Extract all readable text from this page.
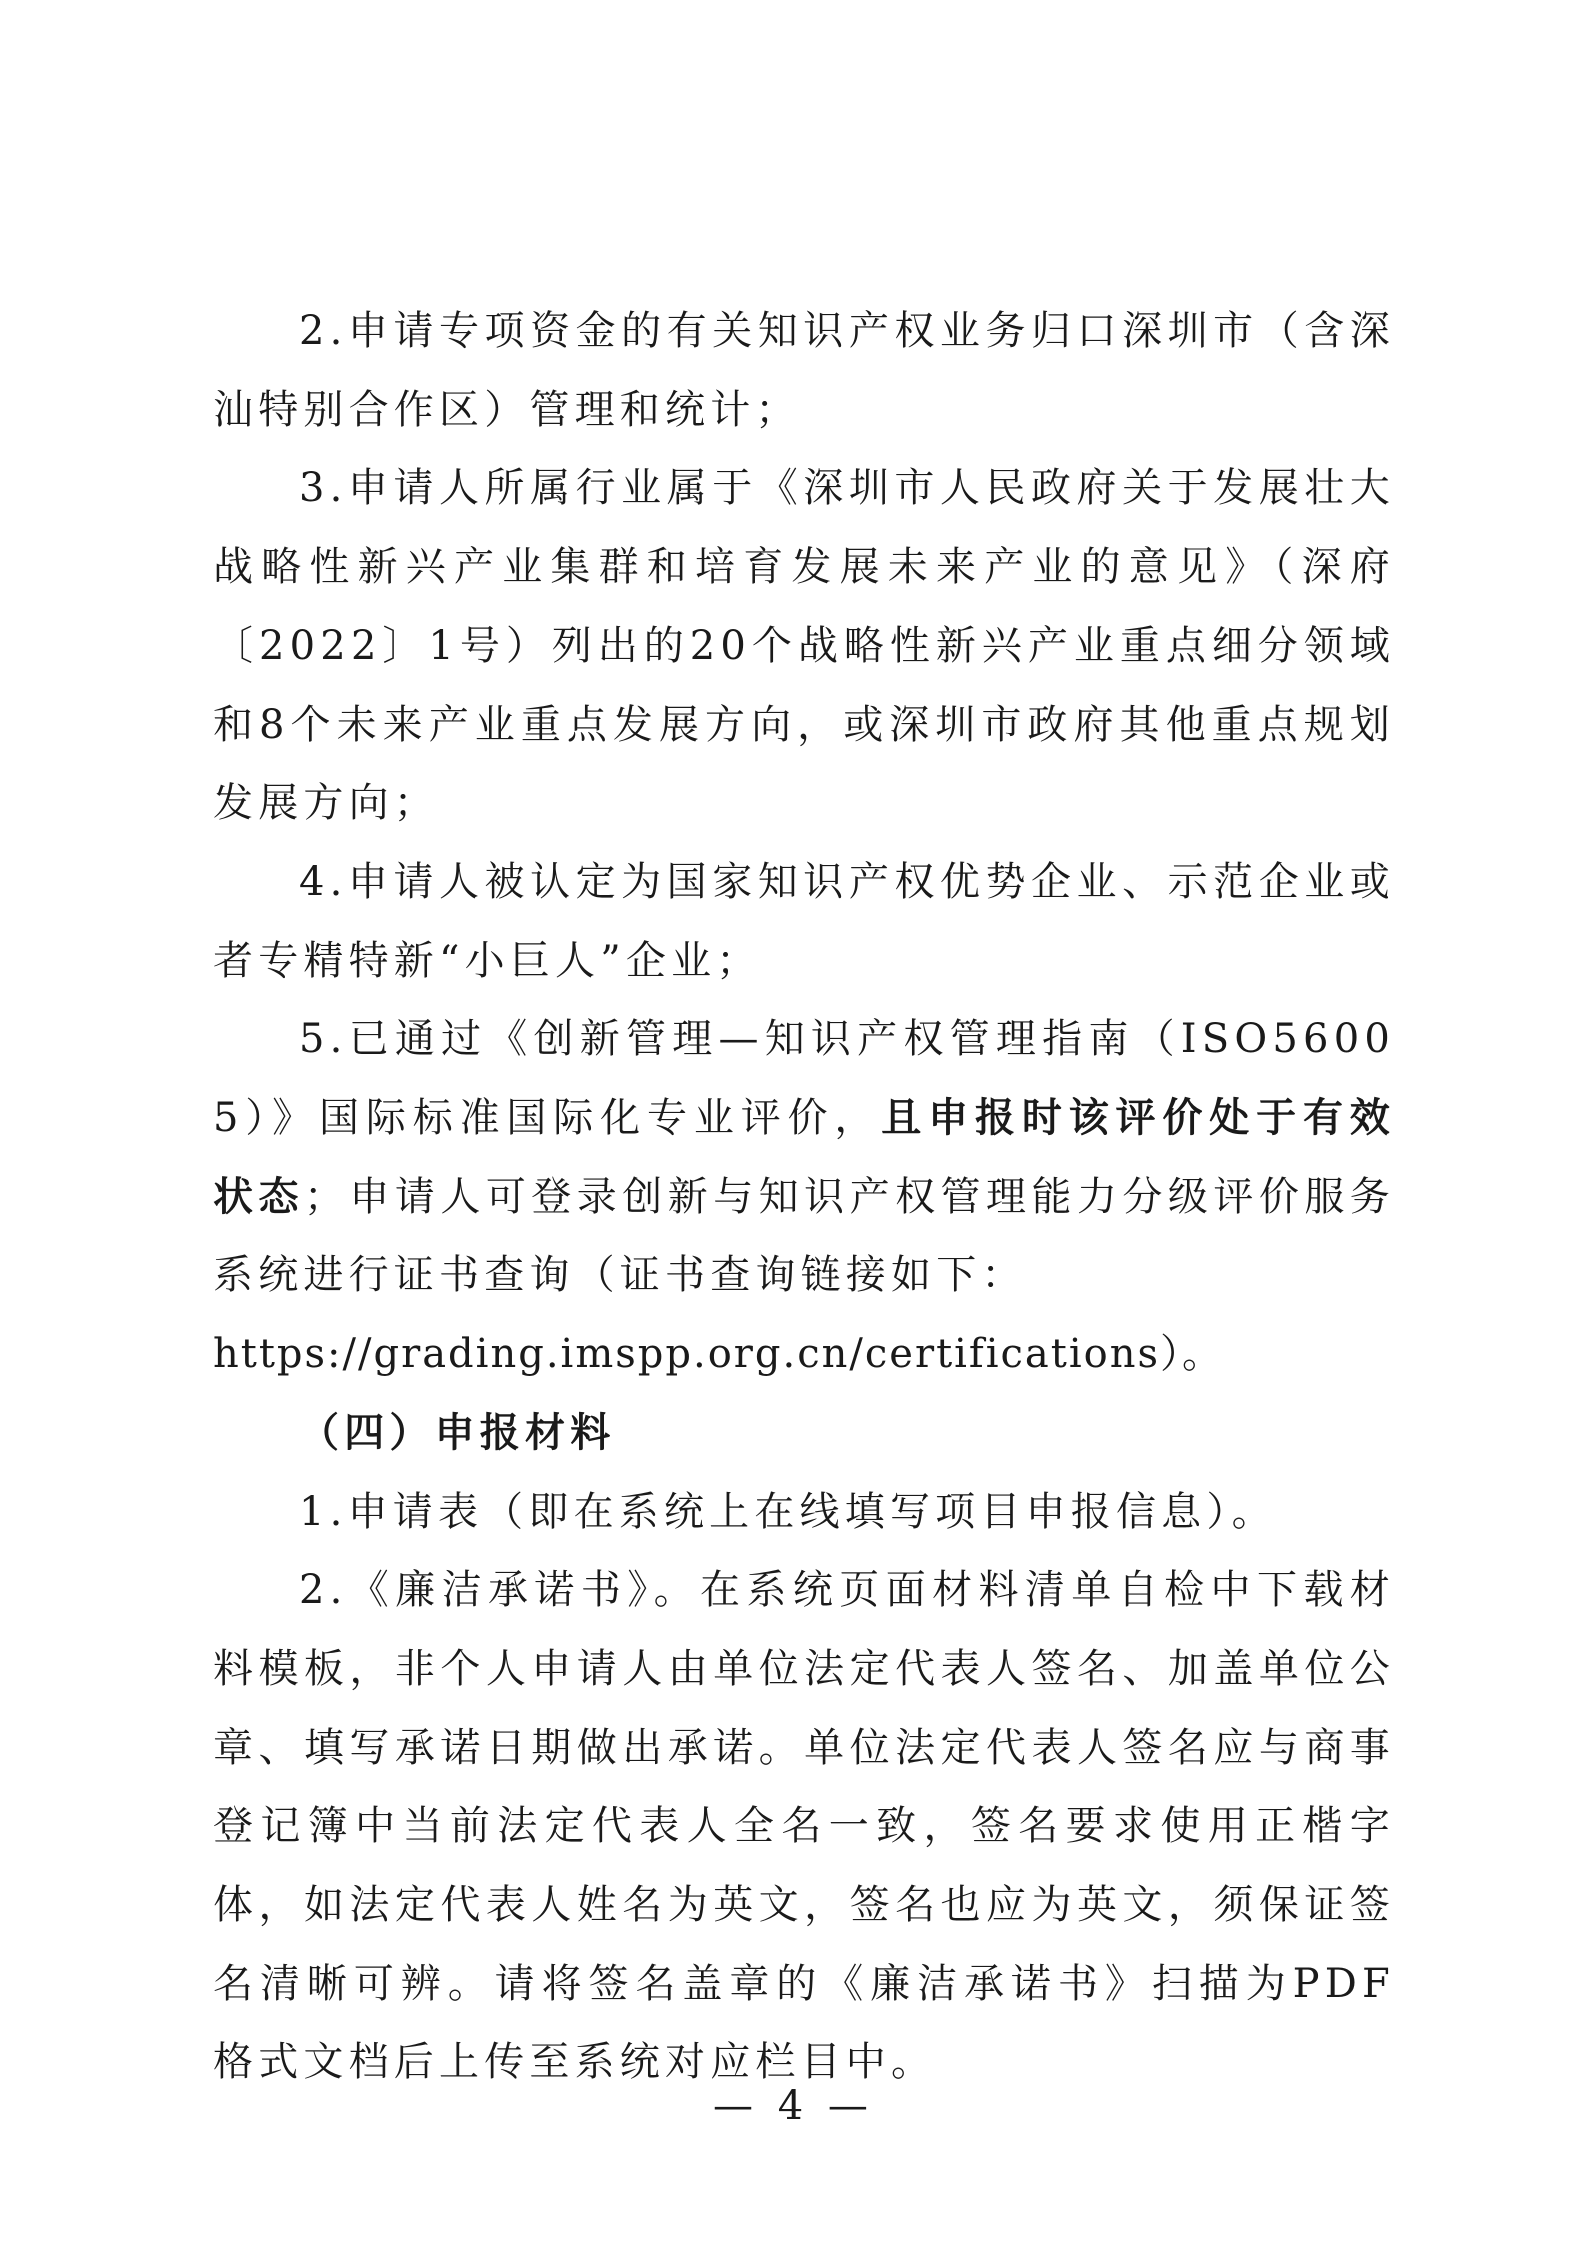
2.申请专项资金的有关知识产权业务归口深圳市（含深汕特别合作区）管理和统计；

3.申请人所属行业属于《深圳市人民政府关于发展壮大战略性新兴产业集群和培育发展未来产业的意见》（深府〔2022〕1号）列出的20个战略性新兴产业重点细分领域和8个未来产业重点发展方向，或深圳市政府其他重点规划发展方向；

4.申请人被认定为国家知识产权优势企业、示范企业或者专精特新“小巨人”企业；

5.已通过《创新管理—知识产权管理指南（ISO56005）》国际标准国际化专业评价，且申报时该评价处于有效状态；申请人可登录创新与知识产权管理能力分级评价服务系统进行证书查询（证书查询链接如下：

https://grading.imspp.org.cn/certifications）。

（四）申报材料

1.申请表（即在系统上在线填写项目申报信息）。

2.《廉洁承诺书》。在系统页面材料清单自检中下载材料模板，非个人申请人由单位法定代表人签名、加盖单位公章、填写承诺日期做出承诺。单位法定代表人签名应与商事登记簿中当前法定代表人全名一致，签名要求使用正楷字体，如法定代表人姓名为英文，签名也应为英文，须保证签名清晰可辨。请将签名盖章的《廉洁承诺书》扫描为PDF格式文档后上传至系统对应栏目中。

— 4 —
